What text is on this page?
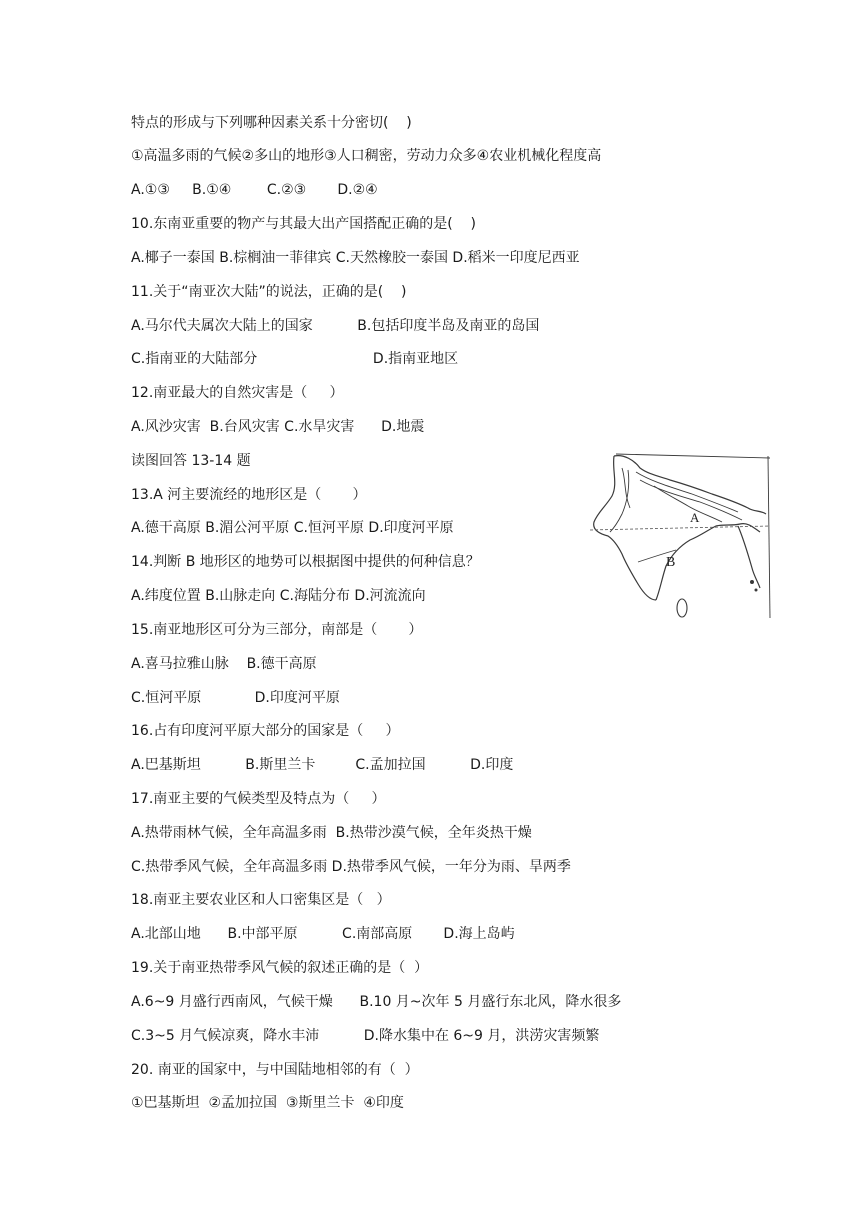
特点的形成与下列哪种因素关系十分密切(    )
①高温多雨的气候②多山的地形③人口稠密，劳动力众多④农业机械化程度高
A.①③     B.①④        C.②③       D.②④
10.东南亚重要的物产与其最大出产国搭配正确的是(    )
A.椰子一泰国 B.棕榈油一菲律宾 C.天然橡胶一泰国 D.稻米一印度尼西亚
11.关于“南亚次大陆”的说法，正确的是(    )
A.马尔代夫属次大陆上的国家          B.包括印度半岛及南亚的岛国
C.指南亚的大陆部分                          D.指南亚地区
12.南亚最大的自然灾害是（     ）
A.风沙灾害  B.台风灾害 C.水旱灾害      D.地震
读图回答 13-14 题
13.A 河主要流经的地形区是（       ）
A.德干高原 B.湄公河平原 C.恒河平原 D.印度河平原
14.判断 B 地形区的地势可以根据图中提供的何种信息？
A.纬度位置 B.山脉走向 C.海陆分布 D.河流流向
15.南亚地形区可分为三部分，南部是（       ）
A.喜马拉雅山脉    B.德干高原
C.恒河平原            D.印度河平原
16.占有印度河平原大部分的国家是（     ）
A.巴基斯坦          B.斯里兰卡         C.孟加拉国          D.印度
17.南亚主要的气候类型及特点为（     ）
A.热带雨林气候，全年高温多雨  B.热带沙漠气候，全年炎热干燥
C.热带季风气候，全年高温多雨 D.热带季风气候，一年分为雨、旱两季
18.南亚主要农业区和人口密集区是（   ）
A.北部山地      B.中部平原          C.南部高原       D.海上岛屿
19.关于南亚热带季风气候的叙述正确的是（  ）
A.6~9 月盛行西南风，气候干燥      B.10 月~次年 5 月盛行东北风，降水很多
C.3~5 月气候凉爽，降水丰沛          D.降水集中在 6~9 月，洪涝灾害频繁
20. 南亚的国家中，与中国陆地相邻的有（  ）
①巴基斯坦  ②孟加拉国  ③斯里兰卡  ④印度
A
B
